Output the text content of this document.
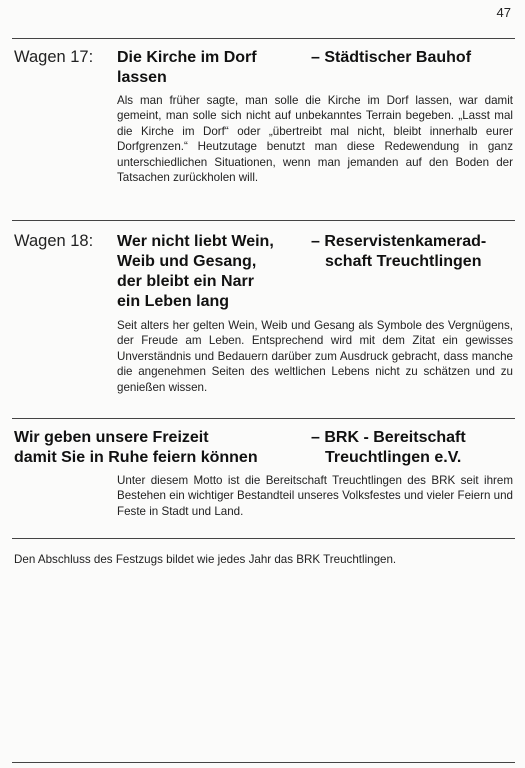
47
Wagen 17: Die Kirche im Dorf
lassen
– Städtischer Bauhof

Als man früher sagte, man solle die Kirche im Dorf lassen, war damit gemeint, man solle sich nicht auf unbekanntes Terrain begeben. „Lasst mal die Kirche im Dorf“ oder „übertreibt mal nicht, bleibt innerhalb eurer Dorfgrenzen.“ Heutzutage benutzt man diese Redewendung in ganz unterschiedlichen Situationen, wenn man jemanden auf den Boden der Tatsachen zurückholen will.

Wagen 18: Wer nicht liebt Wein,
Weib und Gesang,
der bleibt ein Narr
ein Leben lang
– Reservistenkamerad-
schaft Treuchtlingen

Seit alters her gelten Wein, Weib und Gesang als Symbole des Vergnügens, der Freude am Leben. Entsprechend wird mit dem Zitat ein gewisses Unverständnis und Bedauern darüber zum Ausdruck gebracht, dass manche die angenehmen Seiten des weltlichen Lebens nicht zu schätzen und zu genießen wissen.

Wir geben unsere Freizeit
damit Sie in Ruhe feiern können
– BRK - Bereitschaft
Treuchtlingen e.V.

Unter diesem Motto ist die Bereitschaft Treuchtlingen des BRK seit ihrem Bestehen ein wichtiger Bestandteil unseres Volksfestes und vieler Feiern und Feste in Stadt und Land.

Den Abschluss des Festzugs bildet wie jedes Jahr das BRK Treuchtlingen.
